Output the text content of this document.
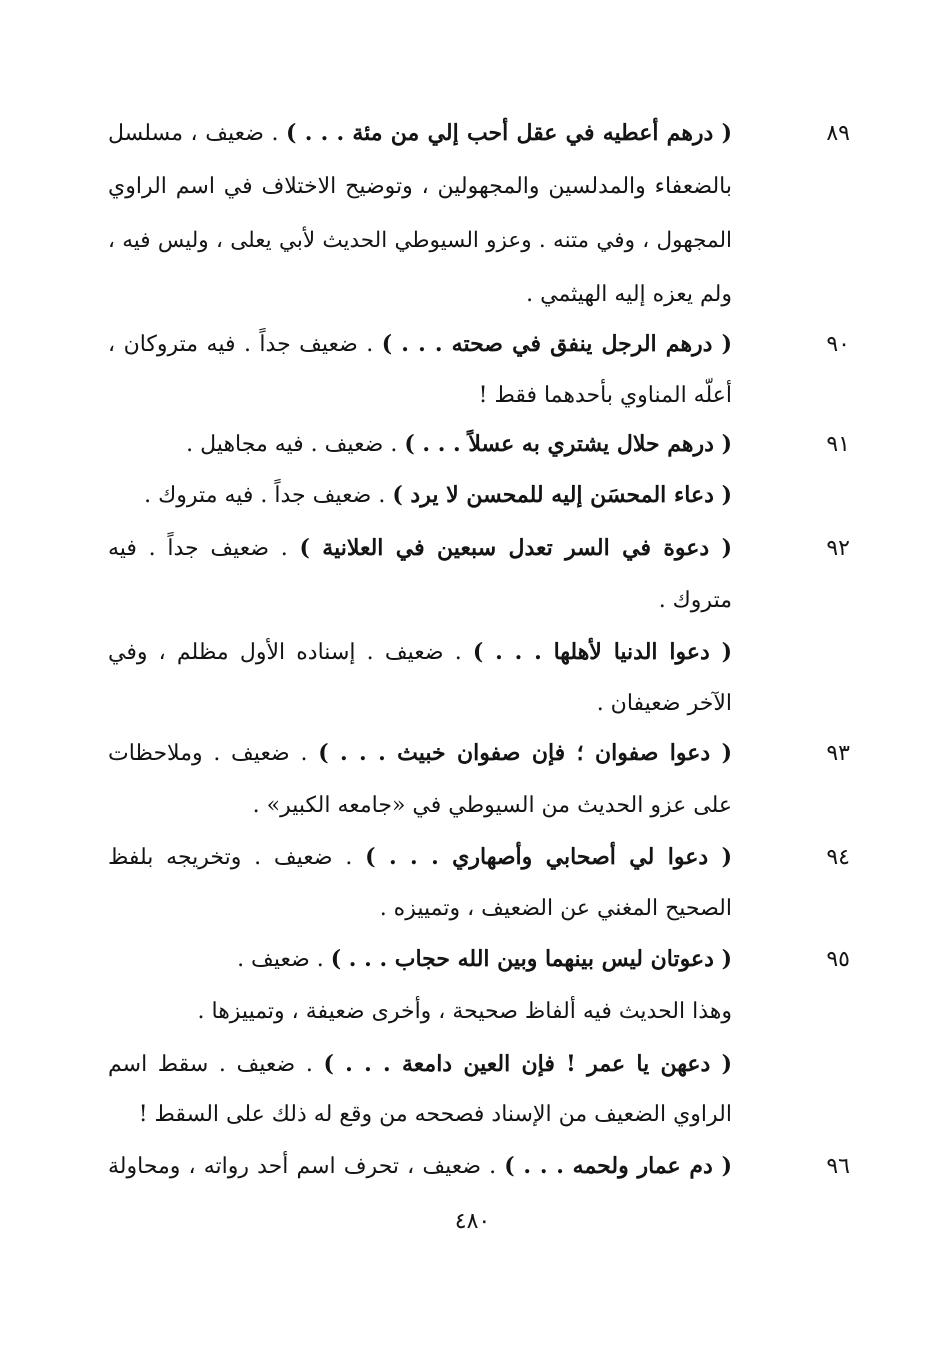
٨٩
( درهم أعطيه في عقل أحب إلي من مئة . . . ) . ضعيف ، مسلسل
بالضعفاء والمدلسين والمجهولين ، وتوضيح الاختلاف في اسم الراوي
المجهول ، وفي متنه . وعزو السيوطي الحديث لأبي يعلى ، وليس فيه ،
ولم يعزه إليه الهيثمي .
٩٠
( درهم الرجل ينفق في صحته . . . ) . ضعيف جداً . فيه متروكان ،
أعلّه المناوي بأحدهما فقط !
٩١
( درهم حلال يشتري به عسلاً . . . ) . ضعيف . فيه مجاهيل .
( دعاء المحسَن إليه للمحسن لا يرد ) . ضعيف جداً . فيه متروك .
٩٢
( دعوة في السر تعدل سبعين في العلانية ) . ضعيف جداً . فيه
متروك .
( دعوا الدنيا لأهلها . . . ) . ضعيف . إسناده الأول مظلم ، وفي
الآخر ضعيفان .
٩٣
( دعوا صفوان ؛ فإن صفوان خبيث . . . ) . ضعيف . وملاحظات
على عزو الحديث من السيوطي في «جامعه الكبير» .
٩٤
( دعوا لي أصحابي وأصهاري . . . ) . ضعيف . وتخريجه بلفظ
الصحيح المغني عن الضعيف ، وتمييزه .
٩٥
( دعوتان ليس بينهما وبين الله حجاب . . . ) . ضعيف .
وهذا الحديث فيه ألفاظ صحيحة ، وأخرى ضعيفة ، وتمييزها .
( دعهن يا عمر ! فإن العين دامعة . . . ) . ضعيف . سقط اسم
الراوي الضعيف من الإسناد فصححه من وقع له ذلك على السقط !
٩٦
( دم عمار ولحمه . . . ) . ضعيف ، تحرف اسم أحد رواته ، ومحاولة
٤٨٠
